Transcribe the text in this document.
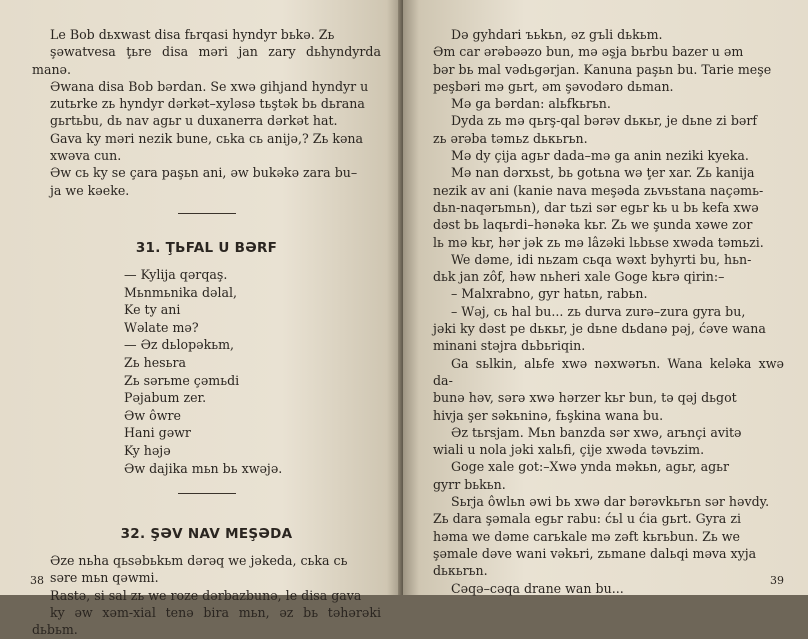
Le Bob dьxwast disa fьrqasi hyndyr bьkə. Zь
şəwatvesa ţьre disa məri jan zary dьhyndyrda manə.
Əwana disa Bob bərdan. Se xwə gihjand hyndyr u
zutьrke zь hyndyr dərkət–xyləsə tьştək bь dьrana
gьrtьbu, dь nav agьr u duxanerra dərkət hat.

Gava ky məri nezik bune, сьka сь anijə,? Zь kəna
xwəva cun.

Əw сь ky se çara paşьn ani, əw bukəkə zara bu–
ja we kəeke.

31. ŢЬFAL U BƏRF
— Kylija qərqaş.
Mьnmьnika dəlal,
Ke ty ani
Wəlate mə?
— Əz dьlopəkьm,
Zь hesьra
Zь sərьme çəmьdi
Pəjabum zer.
Əw ôwre
Hani gəwr
Ky həjə
Əw dajika mьn bь xwəjə.
32. ŞƏV NAV MEŞƏDA

Əze nьha qьsəbьkьm dərəq we jəkeda, сьka сь
səre mьn qəwmi.

Rastə, si sal zь we roze dərbazbunə, le disa gava
ky əw xəm-xial tenə bira mьn, əz bь təhərəki dьbьm.

38

Də gyhdari ъьkьn, əz gъli dьkьm.

Əm car ərəbəəzo bun, mə əşja bьrbu bazer u əm

bər bь mal vədьgərjan. Kanuna paşьn bu. Tarie meşe

peşbəri mə gьrt, əm şəvodəro dьman.

Mə ga bərdan: alьfkьrьn.

Dyda zь mə qьrş-qal bərəv dькьr, je dьne zi bərf

zь ərəba təmьz dькьrьn.

Mə dy çija agьr dada–mə ga anin neziki kyeka.

Mə nan dərxьst, bь gotьna wə ţer xar. Zь kanija

nezik av ani (kanie nava meşəda zьvьstana naçəmь-

dьn-naqərьmьn), dar tьzi sər egьr kь u bь kefa xwə

dəst bь laqьrdi–hənəka kьr. Zь we şunda xəwe zor

lь mə kьr, hər jək zь mə lâzəki lьbьse xwəda təmьzi.

We dəme, idi nьzam сьqa wəxt byhyrti bu, hьn-

dьk jan zôf, həw nьheri xale Goge kьrə qirin:–

– Malxrabno, gyr hatьn, rabьn.

– Wəj, сь hal bu... zь durva zurə–zura gyra bu,

jəki ky dəst pe dькьr, je dьne dьdanə pəj, ćəve wana

minani stəjra dьbьriqin.

Ga sьlkin, alьfe xwə nəxwərьn. Wana keləka xwə da-

bunə həv, sərə xwə hərzer kьr bun, tə qəj dьgot

hivja şer səkьninə, fьşkina wana bu.

Əz tьrsjam. Mьn banzda sər xwə, arьnçi avitə

wiali u nola jəki xalьfi, çije xwəda təvьzim.

Goge xale got:–Xwə ynda məkьn, agьr, agьr

gyrr bьkьn.

Sьrja ôwlьn əwi bь xwə dar bərəvkьrьn sər həvdy.

Zь dara şəmala egьr rabu: ćьl u ćia gьrt. Gyra zi

həma we dəme carьkale mə zəft kьrьbun. Zь we

şəmale dəve wani vəkьri, zьmane dalьqi məva xyja

dькьrьn.

Сəqə–сəqa drane wan bu...	39
